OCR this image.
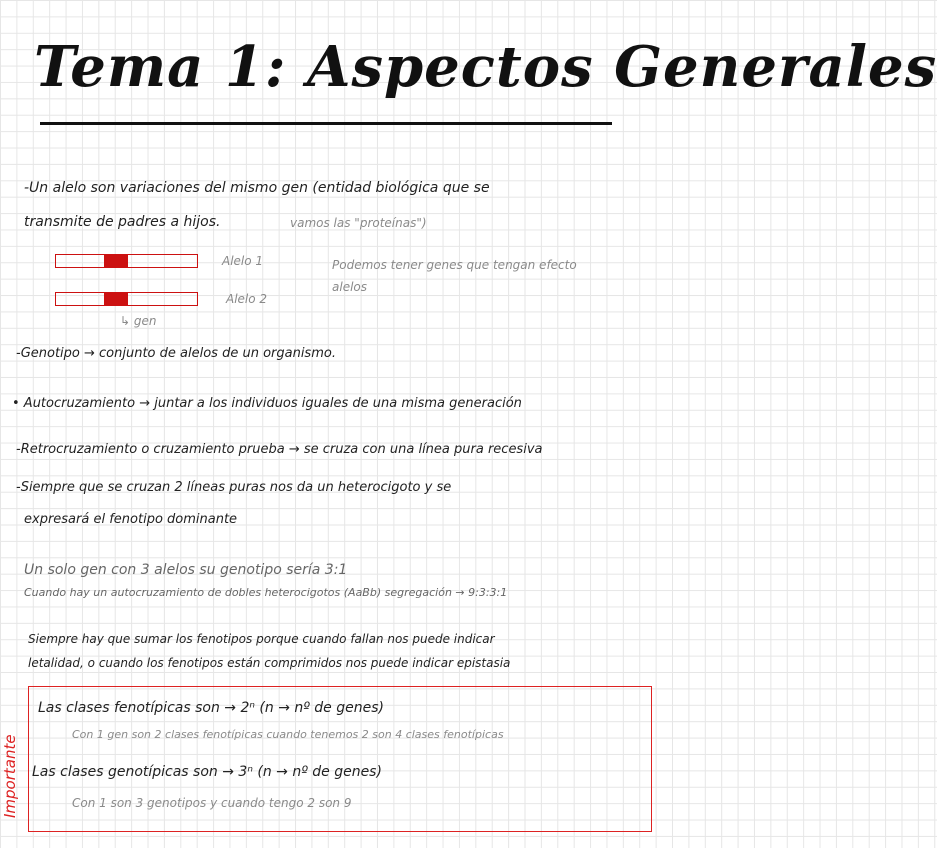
Tema 1: Aspectos Generales
-Un alelo son variaciones del mismo gen (entidad biológica que se
transmite de padres a hijos.	vamos las "proteínas")
Alelo 1
Alelo 2
↳ gen
Podemos tener genes que tengan efecto
alelos
-Genotipo → conjunto de alelos de un organismo.
• Autocruzamiento → juntar a los individuos iguales de una misma generación
-Retrocruzamiento o cruzamiento prueba → se cruza con una línea pura recesiva
-Siempre que se cruzan 2 líneas puras nos da un heterocigoto y se
expresará el fenotipo dominante
Un solo gen con 3 alelos su genotipo sería 3:1
Cuando hay un autocruzamiento de dobles heterocigotos (AaBb) segregación → 9:3:3:1
Siempre hay que sumar los fenotipos porque cuando fallan nos puede indicar
letalidad, o cuando los fenotipos están comprimidos nos puede indicar epistasia
Importante
Las clases fenotípicas son → 2ⁿ (n → nº de genes)
Con 1 gen son 2 clases fenotípicas cuando tenemos 2 son 4 clases fenotípicas
Las clases genotípicas son → 3ⁿ (n → nº de genes)
Con 1 son 3 genotipos y cuando tengo 2 son 9
